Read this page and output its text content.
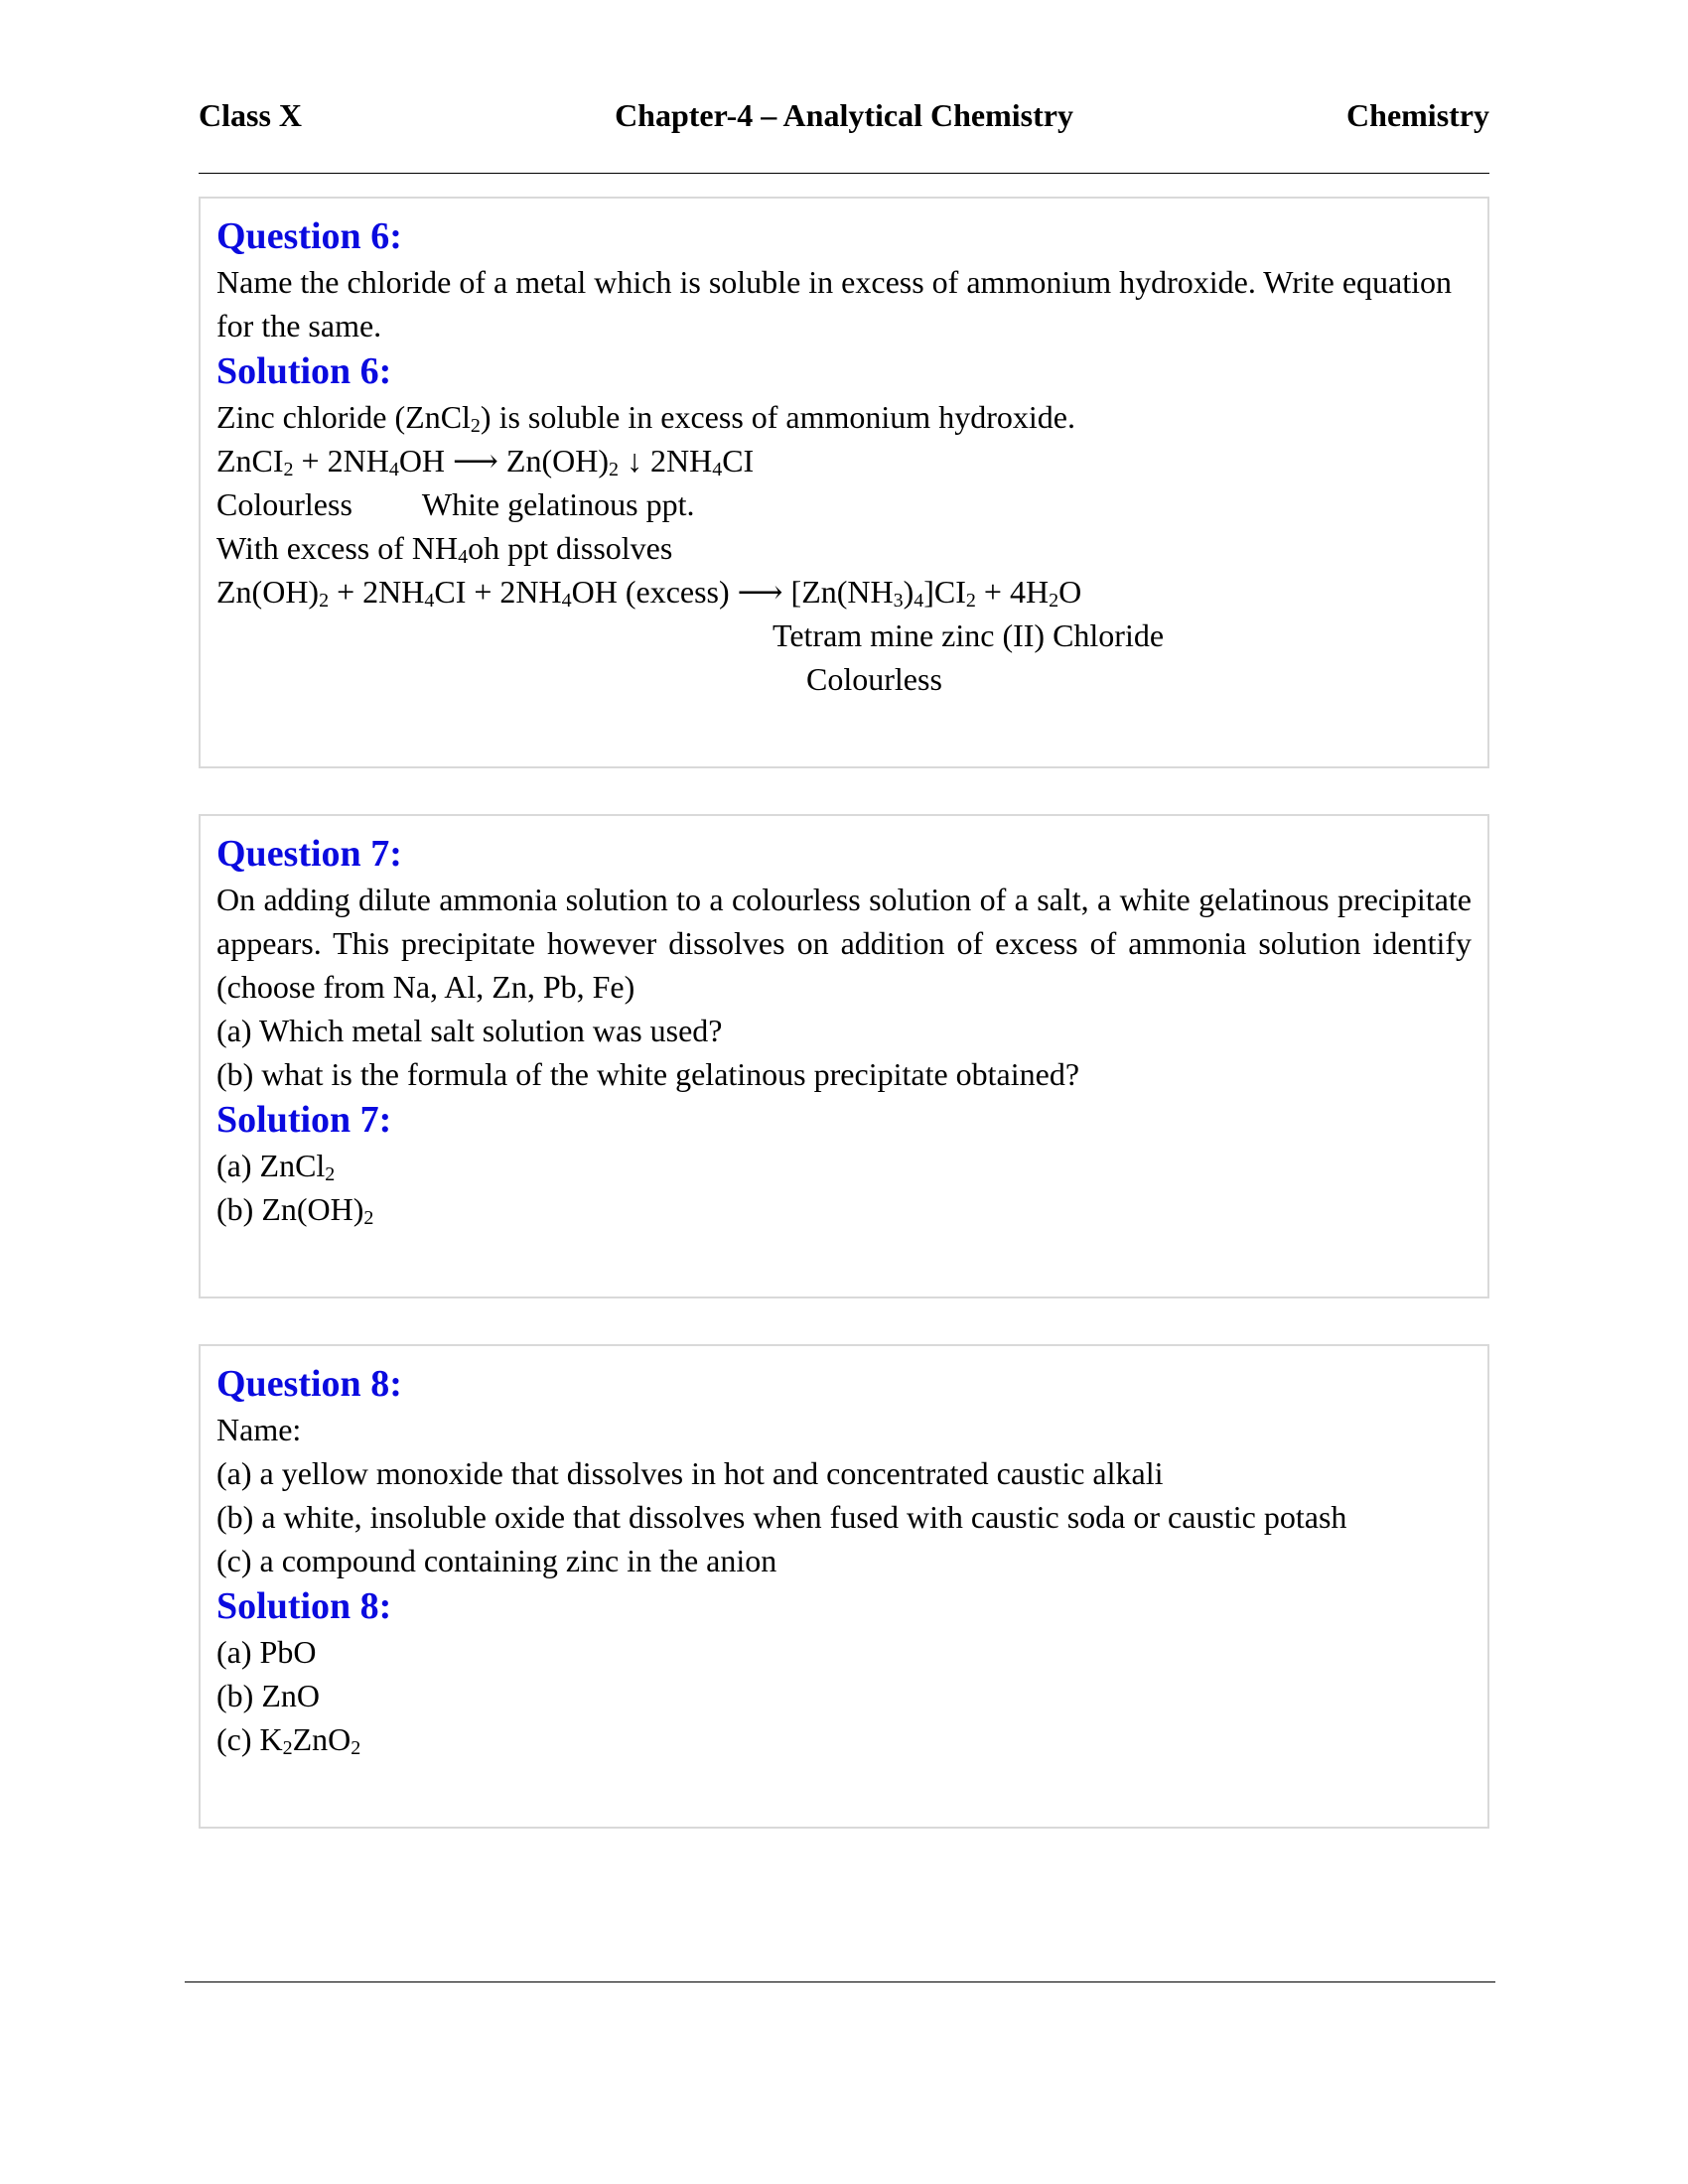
Class X	Chapter-4 – Analytical Chemistry	Chemistry

Question 6:

Name the chloride of a metal which is soluble in excess of ammonium hydroxide. Write equation for the same.

Solution 6:

Zinc chloride (ZnCl$_2$) is soluble in excess of ammonium hydroxide.

ZnCI$_2$ + $2NH_4OH$ ⟶ $Zn(OH)_2$ ↓ $2NH_4CI$

Colourless White gelatinous ppt.

With excess of $NH_4oh$ ppt dissolves

$Zn(OH)_2 + 2NH_4CI + 2NH_4OH$ (excess) ⟶ $[Zn(NH_3)_4]CI_2 + 4H_2O$

Tetram mine zinc (II) Chloride

Colourless

Question 7:

On adding dilute ammonia solution to a colourless solution of a salt, a white gelatinous precipitate appears. This precipitate however dissolves on addition of excess of ammonia solution identify (choose from Na, Al, Zn, Pb, Fe)

(a) Which metal salt solution was used?

(b) what is the formula of the white gelatinous precipitate obtained?

Solution 7:

(a) ZnCl$_2$

(b) $Zn(OH)_2$

Question 8:

Name:

(a) a yellow monoxide that dissolves in hot and concentrated caustic alkali

(b) a white, insoluble oxide that dissolves when fused with caustic soda or caustic potash

(c) a compound containing zinc in the anion

Solution 8:

(a) PbO

(b) ZnO

(c) $K_2ZnO_2$
